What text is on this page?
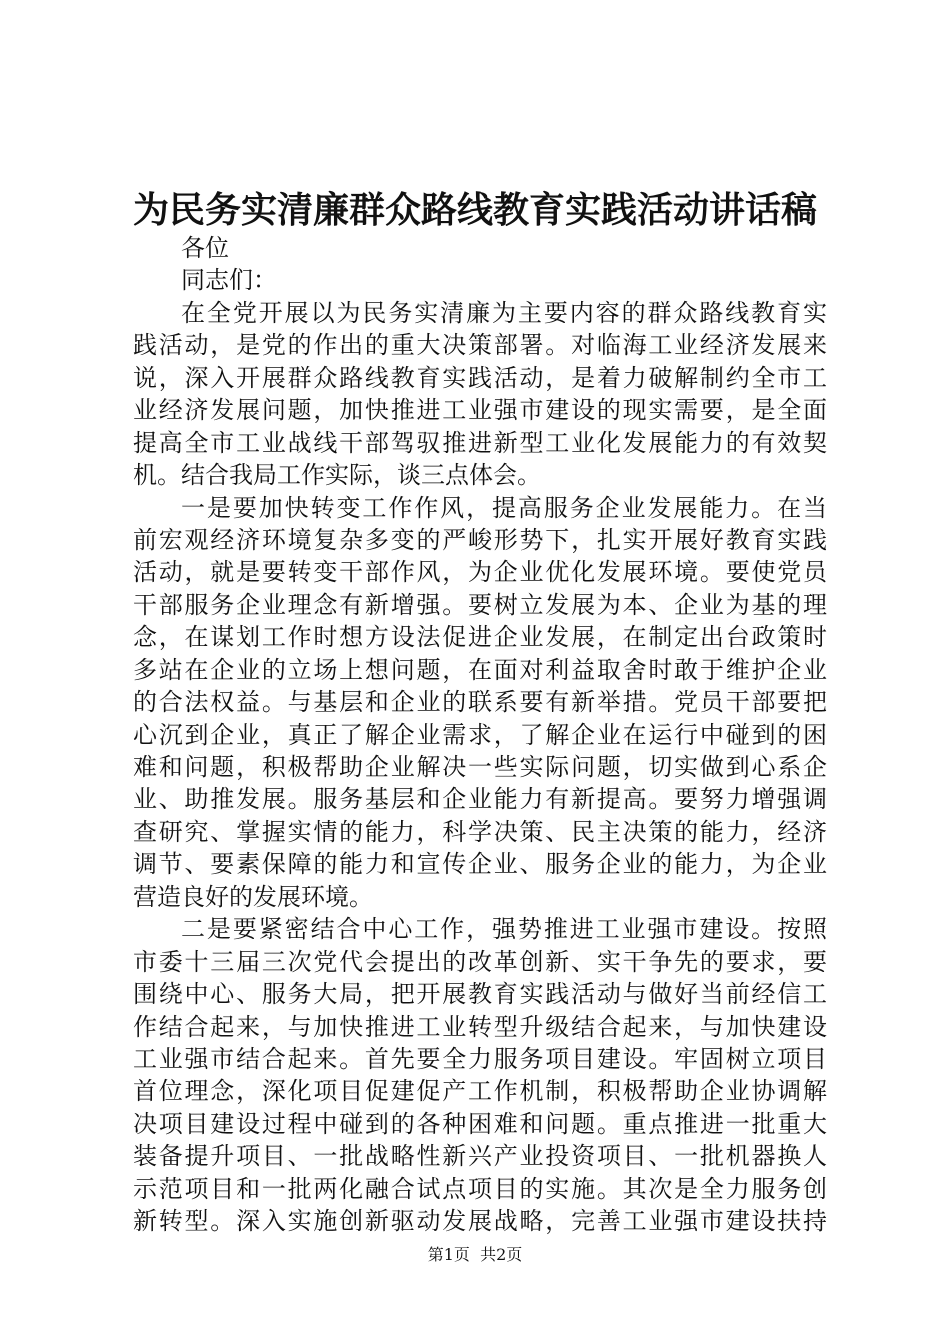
为民务实清廉群众路线教育实践活动讲话稿
各位
同志们：
在全党开展以为民务实清廉为主要内容的群众路线教育实
践活动，是党的作出的重大决策部署。对临海工业经济发展来
说，深入开展群众路线教育实践活动，是着力破解制约全市工
业经济发展问题，加快推进工业强市建设的现实需要，是全面
提高全市工业战线干部驾驭推进新型工业化发展能力的有效契
机。结合我局工作实际，谈三点体会。
一是要加快转变工作作风，提高服务企业发展能力。在当
前宏观经济环境复杂多变的严峻形势下，扎实开展好教育实践
活动，就是要转变干部作风，为企业优化发展环境。要使党员
干部服务企业理念有新增强。要树立发展为本、企业为基的理
念，在谋划工作时想方设法促进企业发展，在制定出台政策时
多站在企业的立场上想问题，在面对利益取舍时敢于维护企业
的合法权益。与基层和企业的联系要有新举措。党员干部要把
心沉到企业，真正了解企业需求，了解企业在运行中碰到的困
难和问题，积极帮助企业解决一些实际问题，切实做到心系企
业、助推发展。服务基层和企业能力有新提高。要努力增强调
查研究、掌握实情的能力，科学决策、民主决策的能力，经济
调节、要素保障的能力和宣传企业、服务企业的能力，为企业
营造良好的发展环境。
二是要紧密结合中心工作，强势推进工业强市建设。按照
市委十三届三次党代会提出的改革创新、实干争先的要求，要
围绕中心、服务大局，把开展教育实践活动与做好当前经信工
作结合起来，与加快推进工业转型升级结合起来，与加快建设
工业强市结合起来。首先要全力服务项目建设。牢固树立项目
首位理念，深化项目促建促产工作机制，积极帮助企业协调解
决项目建设过程中碰到的各种困难和问题。重点推进一批重大
装备提升项目、一批战略性新兴产业投资项目、一批机器换人
示范项目和一批两化融合试点项目的实施。其次是全力服务创
新转型。深入实施创新驱动发展战略，完善工业强市建设扶持
第1页  共2页
